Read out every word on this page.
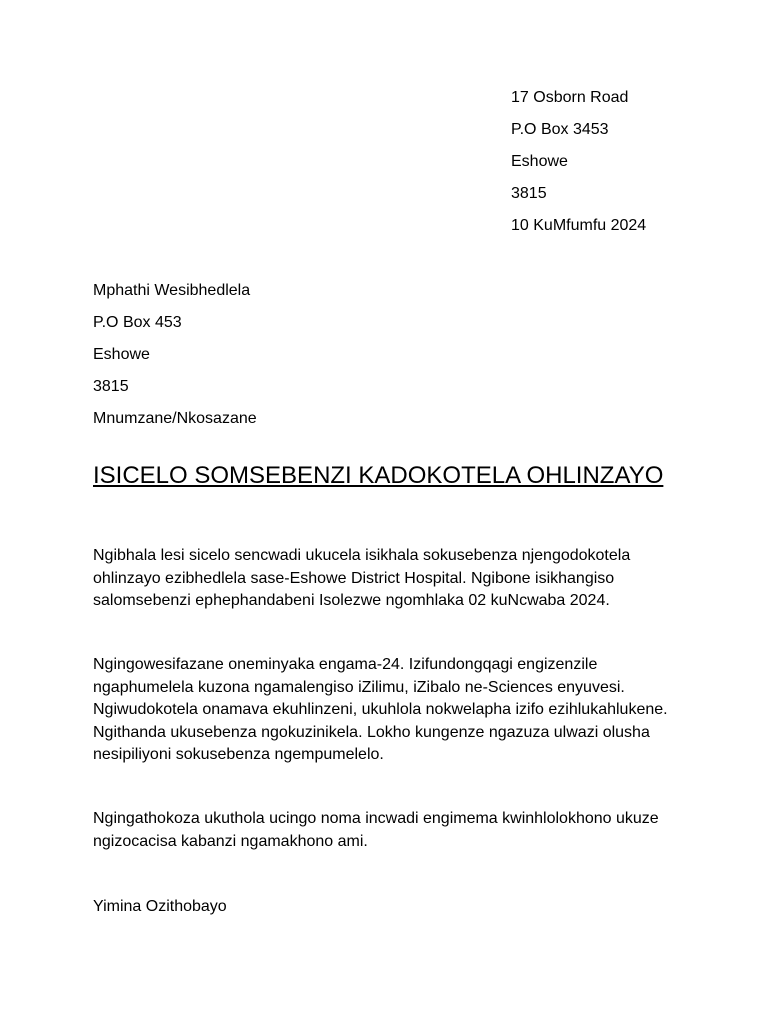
17 Osborn Road
P.O Box 3453
Eshowe
3815
10 KuMfumfu 2024
Mphathi Wesibhedlela
P.O Box 453
Eshowe
3815
Mnumzane/Nkosazane
ISICELO SOMSEBENZI KADOKOTELA OHLINZAYO

Ngibhala lesi sicelo sencwadi ukucela isikhala sokusebenza njengodokotela ohlinzayo ezibhedlela sase-Eshowe District Hospital. Ngibone isikhangiso salomsebenzi ephephandabeni Isolezwe ngomhlaka 02 kuNcwaba 2024.

Ngingowesifazane oneminyaka engama-24. Izifundongqagi engizenzile ngaphumelela kuzona ngamalengiso iZilimu, iZibalo ne-Sciences enyuvesi. Ngiwudokotela onamava ekuhlinzeni, ukuhlola nokwelapha izifo ezihlukahlukene. Ngithanda ukusebenza ngokuzinikela. Lokho kungenze ngazuza ulwazi olusha nesipiliyoni sokusebenza ngempumelelo.

Ngingathokoza ukuthola ucingo noma incwadi engimema kwinhlolokhono ukuze ngizocacisa kabanzi ngamakhono ami.

Yimina Ozithobayo
